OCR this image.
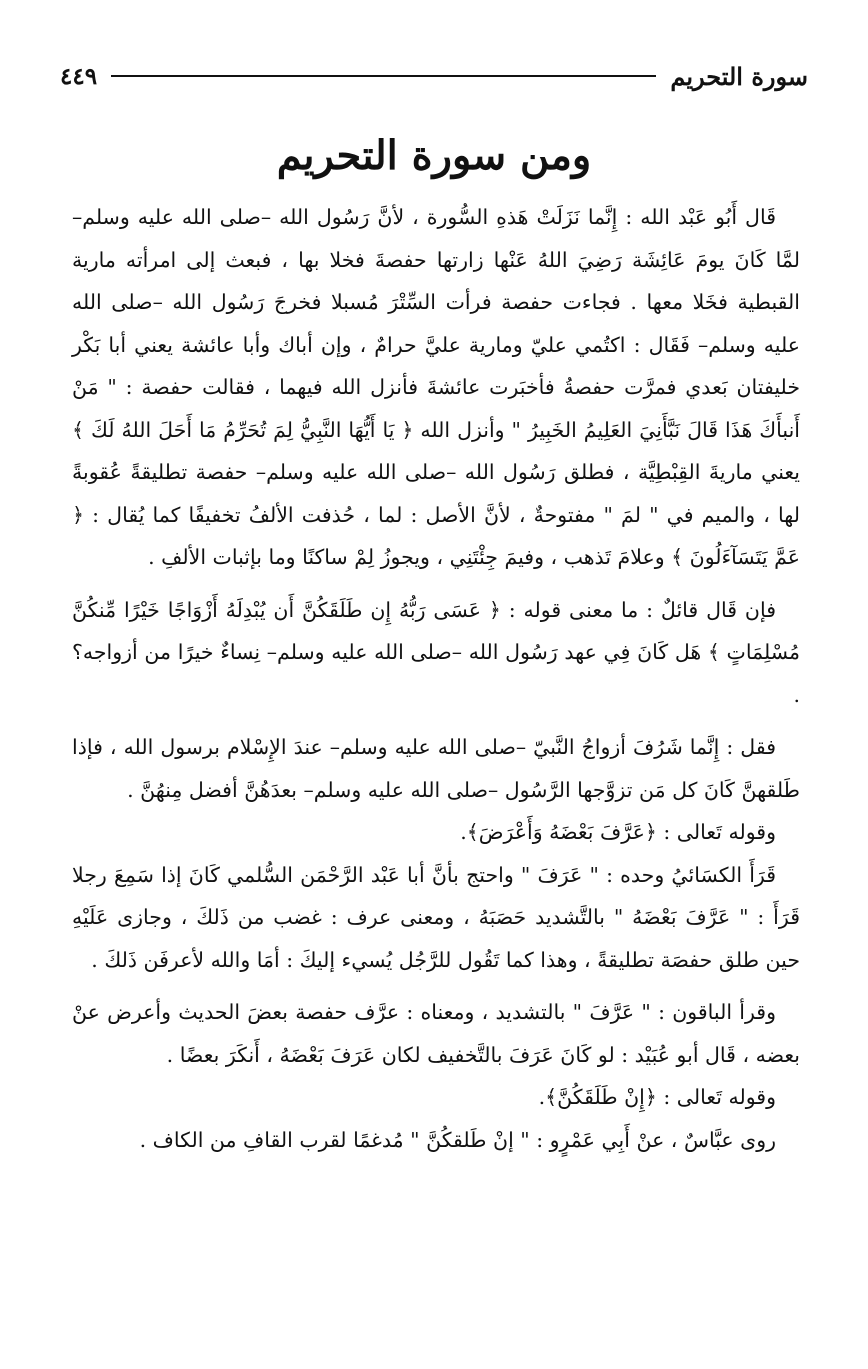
سورة التحريم
٤٤٩
ومن سورة التحريم

قَال أَبُو عَبْد الله : إِنَّما نَزَلَتْ هَذهِ السُّورة ، لأنَّ رَسُول الله –صلى الله عليه وسلم– لمَّا كَانَ يومَ عَائِشَة رَضِيَ اللهُ عَنْها زارتها حفصةَ فخلا بها ، فبعث إلى امرأته مارية القبطية فخَلا معها . فجاءت حفصة فرأت السِّتْرَ مُسبلا فخرجَ رَسُول الله –صلى الله عليه وسلم– فَقَال : اكتُمي عليّ ومارية عليَّ حرامٌ ، وإن أباك وأبا عائشة يعني أبا بَكْر خليفتان بَعدي فمرَّت حفصةُ فأخبَرت عائشةَ فأنزل الله فيهما ، فقالت حفصة : " مَنْ أَنبأَكَ هَذَا قَالَ نَبَّأَنِيَ العَلِيمُ الخَبِيرُ " وأنزل الله ﴿ يَا أَيُّهَا النَّبِيُّ لِمَ تُحَرِّمُ مَا أَحَلَ اللهُ لَكَ ﴾ يعني ماريةَ القِبْطِيَّة ، فطلق رَسُول الله –صلى الله عليه وسلم– حفصة تطليقةً عُقوبةً لها ، والميم في " لمَ " مفتوحةٌ ، لأنَّ الأصل : لما ، حُذفت الألفُ تخفيفًا كما يُقال : ﴿ عَمَّ يَتَسَآءَلُونَ ﴾ وعلامَ تَذهب ، وفيمَ جِئْتَنِي ، ويجوزُ لِمْ ساكنًا وما بإثبات الألفِ .

فإن قَال قائلٌ : ما معنى قوله : ﴿ عَسَى رَبُّهُ إِن طَلَقَكُنَّ أَن يُبْدِلَهُ أَزْوَاجًا خَيْرًا مِّنكُنَّ مُسْلِمَاتٍ ﴾ هَل كَانَ فِي عهد رَسُول الله –صلى الله عليه وسلم– نِساءٌ خيرًا من أزواجه؟ .

فقل : إِنَّما شَرُفَ أزواجُ النَّبيّ –صلى الله عليه وسلم– عندَ الإِسْلام برسول الله ، فإذا طَلقهنَّ كَانَ كل مَن تزوَّجها الرَّسُول –صلى الله عليه وسلم– بعدَهُنَّ أفضل مِنهُنَّ .

وقوله تَعالى : ﴿عَرَّفَ بَعْضَهُ وَأَعْرَضَ﴾.

قَرَأَ الكسَائيُ وحده : " عَرَفَ " واحتج بأنَّ أبا عَبْد الرَّحْمَن السُّلمي كَانَ إذا سَمِعَ رجلا قَرَأَ : " عَرَّفَ بَعْضَهُ " بالتَّشديد حَصَبَهُ ، ومعنى عرف : غضب من ذَلكَ ، وجازى عَلَيْهِ حين طلق حفصَة تطليقةً ، وهذا كما تَقُول للرَّجُل يُسيء إليكَ : أمَا والله لأعرفَن ذَلكَ .

وقرأ الباقون : " عَرَّفَ " بالتشديد ، ومعناه : عرَّف حفصة بعضَ الحديث وأعرض عنْ بعضه ، قَال أبو عُبَيْد : لو كَانَ عَرَفَ بالتَّخفيف لكان عَرَفَ بَعْضَهُ ، أَنكَرَ بعضًا .

وقوله تَعالى : ﴿إِنْ طَلَقَكُنَّ﴾.

روى عبَّاسٌ ، عنْ أَبِي عَمْرٍو : " إنْ طَلقكُنَّ " مُدغمًا لقرب القافِ من الكاف .
